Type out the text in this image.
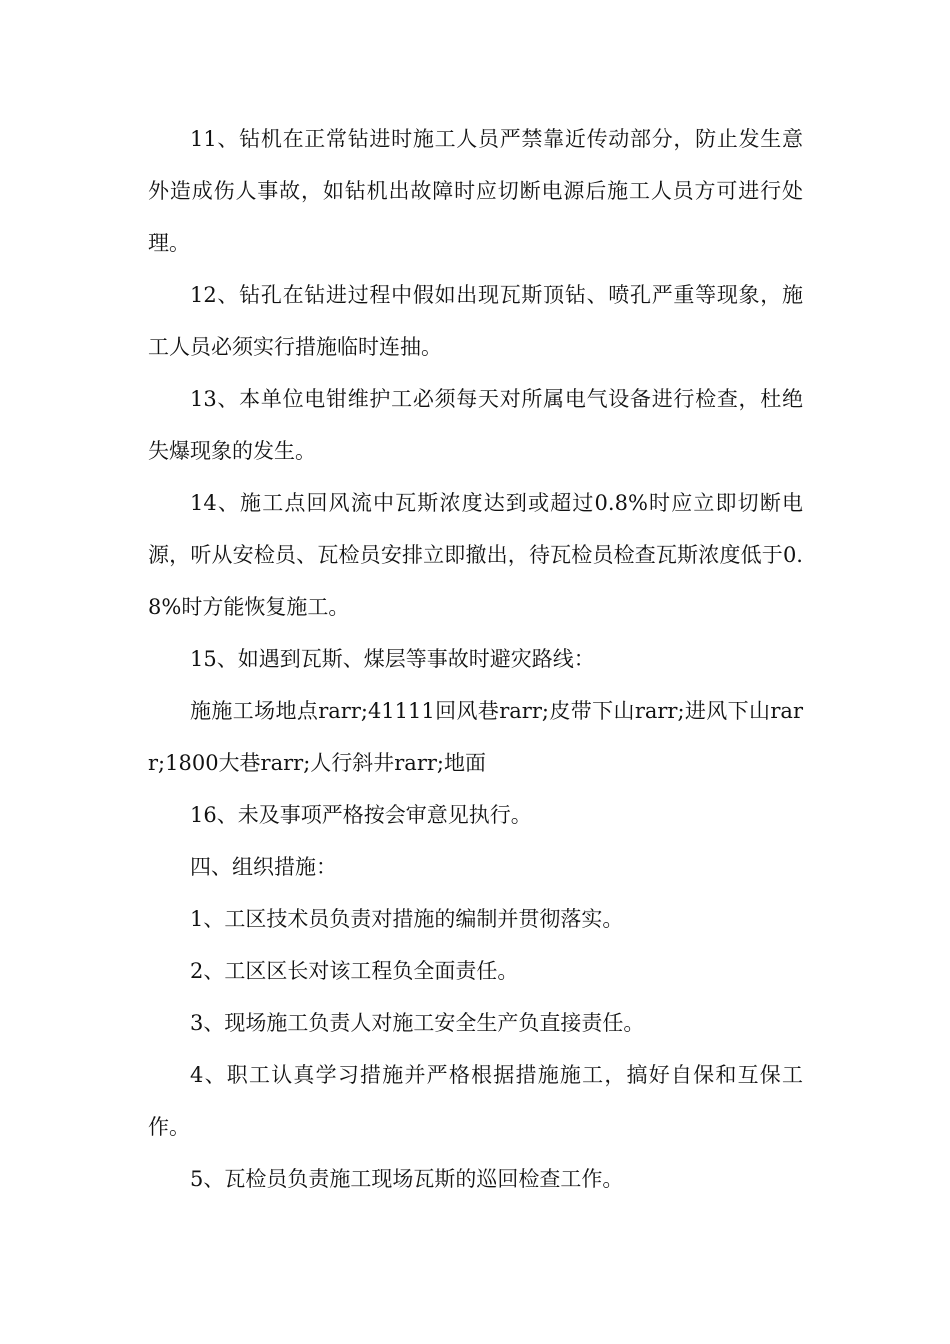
11、钻机在正常钻进时施工人员严禁靠近传动部分，防止发生意外造成伤人事故，如钻机出故障时应切断电源后施工人员方可进行处理。

12、钻孔在钻进过程中假如出现瓦斯顶钻、喷孔严重等现象，施工人员必须实行措施临时连抽。

13、本单位电钳维护工必须每天对所属电气设备进行检查，杜绝失爆现象的发生。

14、施工点回风流中瓦斯浓度达到或超过0.8%时应立即切断电源，听从安检员、瓦检员安排立即撤出，待瓦检员检查瓦斯浓度低于0.8%时方能恢复施工。

15、如遇到瓦斯、煤层等事故时避灾路线：

施施工场地点rarr;41111回风巷rarr;皮带下山rarr;进风下山rarr;1800大巷rarr;人行斜井rarr;地面

16、未及事项严格按会审意见执行。

四、组织措施：

1、工区技术员负责对措施的编制并贯彻落实。

2、工区区长对该工程负全面责任。

3、现场施工负责人对施工安全生产负直接责任。

4、职工认真学习措施并严格根据措施施工，搞好自保和互保工作。

5、瓦检员负责施工现场瓦斯的巡回检查工作。
